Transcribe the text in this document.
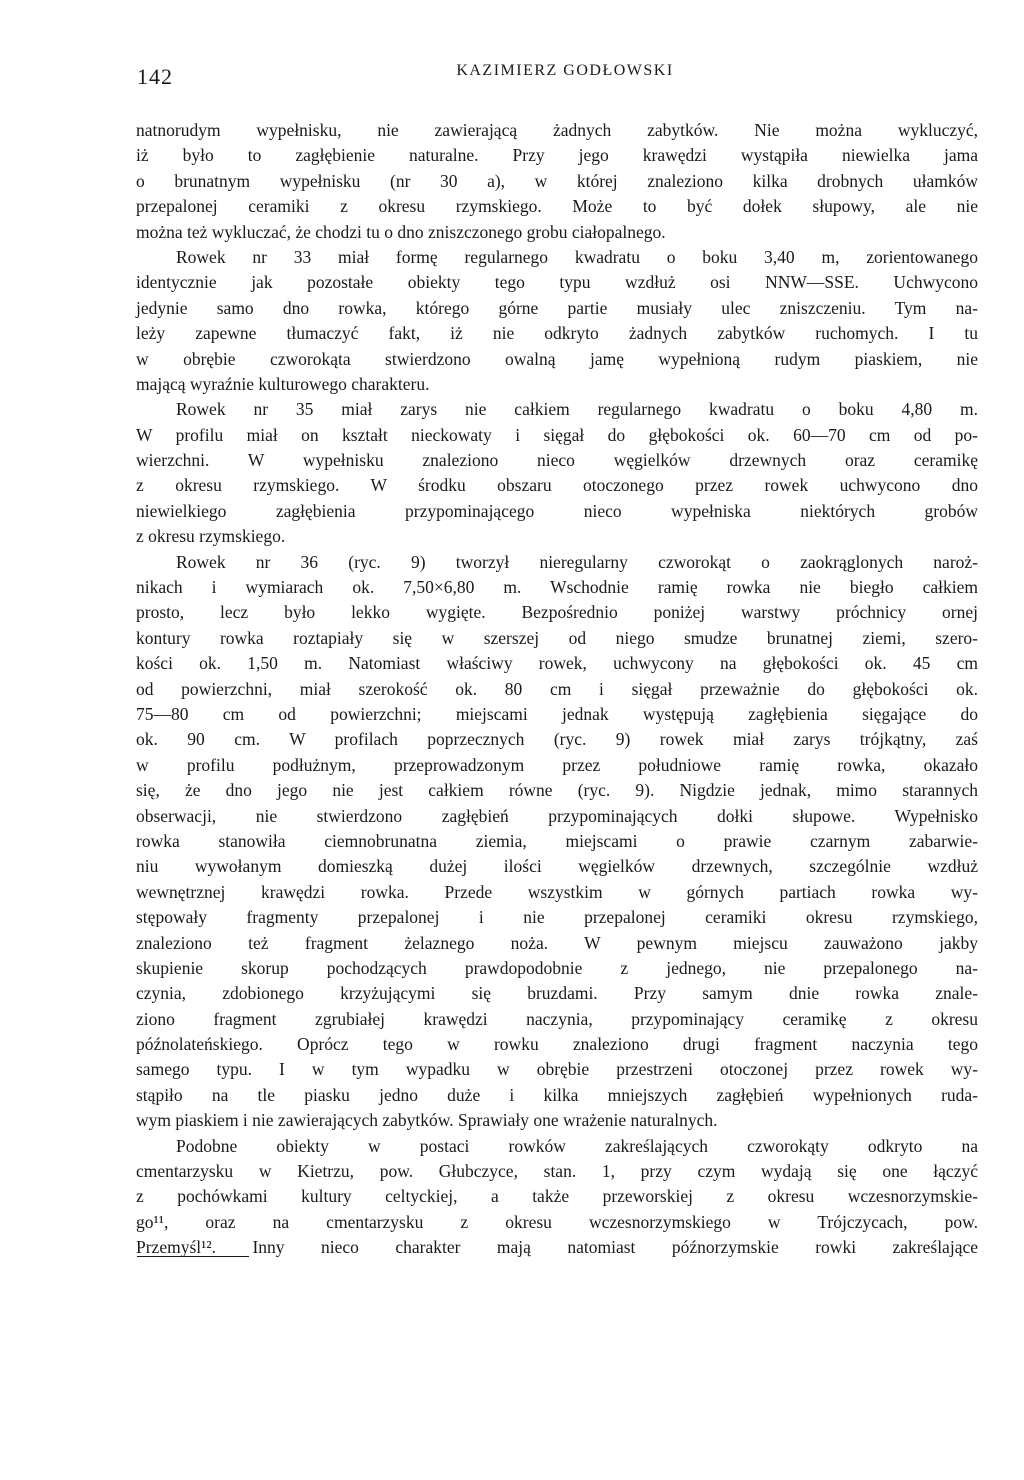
142	KAZIMIERZ GODŁOWSKI
natnorudym wypełnisku, nie zawierającą żadnych zabytków. Nie można wykluczyć,
iż było to zagłębienie naturalne. Przy jego krawędzi wystąpiła niewielka jama
o brunatnym wypełnisku (nr 30 a), w której znaleziono kilka drobnych ułamków
przepalonej ceramiki z okresu rzymskiego. Może to być dołek słupowy, ale nie
można też wykluczać, że chodzi tu o dno zniszczonego grobu ciałopalnego.
Rowek nr 33 miał formę regularnego kwadratu o boku 3,40 m, zorientowanego
identycznie jak pozostałe obiekty tego typu wzdłuż osi NNW—SSE. Uchwycono
jedynie samo dno rowka, którego górne partie musiały ulec zniszczeniu. Tym na-
leży zapewne tłumaczyć fakt, iż nie odkryto żadnych zabytków ruchomych. I tu
w obrębie czworokąta stwierdzono owalną jamę wypełnioną rudym piaskiem, nie
mającą wyraźnie kulturowego charakteru.
Rowek nr 35 miał zarys nie całkiem regularnego kwadratu o boku 4,80 m.
W profilu miał on kształt nieckowaty i sięgał do głębokości ok. 60—70 cm od po-
wierzchni. W wypełnisku znaleziono nieco węgielków drzewnych oraz ceramikę
z okresu rzymskiego. W środku obszaru otoczonego przez rowek uchwycono dno
niewielkiego zagłębienia przypominającego nieco wypełniska niektórych grobów
z okresu rzymskiego.
Rowek nr 36 (ryc. 9) tworzył nieregularny czworokąt o zaokrąglonych naroż-
nikach i wymiarach ok. 7,50×6,80 m. Wschodnie ramię rowka nie biegło całkiem
prosto, lecz było lekko wygięte. Bezpośrednio poniżej warstwy próchnicy ornej
kontury rowka roztapiały się w szerszej od niego smudze brunatnej ziemi, szero-
kości ok. 1,50 m. Natomiast właściwy rowek, uchwycony na głębokości ok. 45 cm
od powierzchni, miał szerokość ok. 80 cm i sięgał przeważnie do głębokości ok.
75—80 cm od powierzchni; miejscami jednak występują zagłębienia sięgające do
ok. 90 cm. W profilach poprzecznych (ryc. 9) rowek miał zarys trójkątny, zaś
w profilu podłużnym, przeprowadzonym przez południowe ramię rowka, okazało
się, że dno jego nie jest całkiem równe (ryc. 9). Nigdzie jednak, mimo starannych
obserwacji, nie stwierdzono zagłębień przypominających dołki słupowe. Wypełnisko
rowka stanowiła ciemnobrunatna ziemia, miejscami o prawie czarnym zabarwie-
niu wywołanym domieszką dużej ilości węgielków drzewnych, szczególnie wzdłuż
wewnętrznej krawędzi rowka. Przede wszystkim w górnych partiach rowka wy-
stępowały fragmenty przepalonej i nie przepalonej ceramiki okresu rzymskiego,
znaleziono też fragment żelaznego noża. W pewnym miejscu zauważono jakby
skupienie skorup pochodzących prawdopodobnie z jednego, nie przepalonego na-
czynia, zdobionego krzyżującymi się bruzdami. Przy samym dnie rowka znale-
ziono fragment zgrubiałej krawędzi naczynia, przypominający ceramikę z okresu
późnolateńskiego. Oprócz tego w rowku znaleziono drugi fragment naczynia tego
samego typu. I w tym wypadku w obrębie przestrzeni otoczonej przez rowek wy-
stąpiło na tle piasku jedno duże i kilka mniejszych zagłębień wypełnionych ruda-
wym piaskiem i nie zawierających zabytków. Sprawiały one wrażenie naturalnych.
Podobne obiekty w postaci rowków zakreślających czworokąty odkryto na
cmentarzysku w Kietrzu, pow. Głubczyce, stan. 1, przy czym wydają się one łączyć
z pochówkami kultury celtyckiej, a także przeworskiej z okresu wczesnorzymskie-
go¹¹, oraz na cmentarzysku z okresu wczesnorzymskiego w Trójczycach, pow.
Przemyśl¹². Inny nieco charakter mają natomiast późnorzymskie rowki zakreślające
